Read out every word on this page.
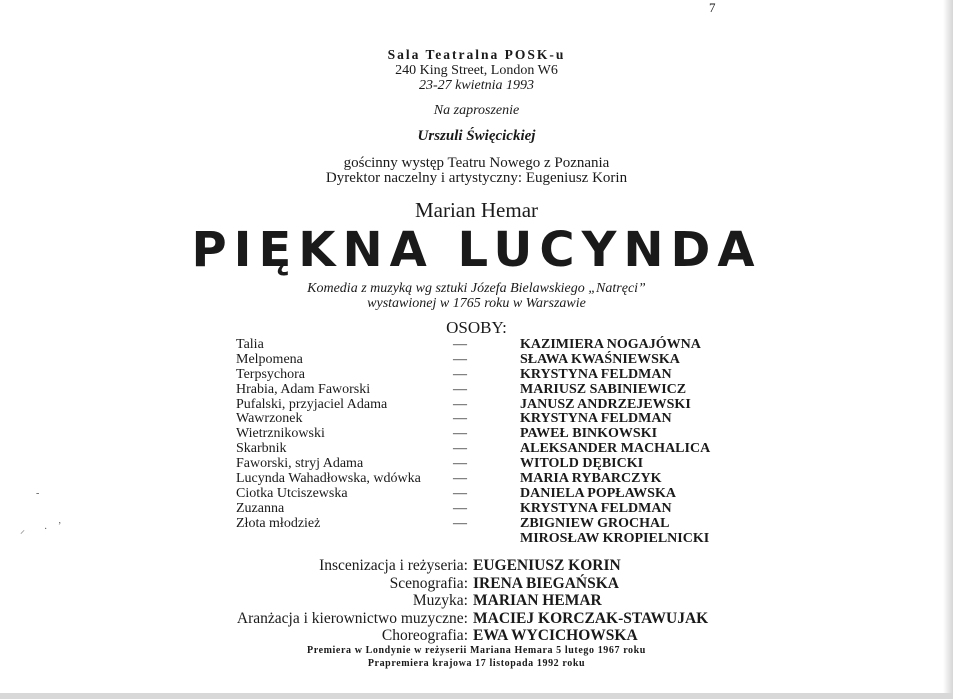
7
Sala Teatralna POSK-u
240 King Street, London W6
23-27 kwietnia 1993
Na zaproszenie
Urszuli Święcickiej
gościnny występ Teatru Nowego z Poznania
Dyrektor naczelny i artystyczny: Eugeniusz Korin
Marian Hemar
PIĘKNA LUCYNDA
Komedia z muzyką wg sztuki Józefa Bielawskiego „Natręci”
wystawionej w 1765 roku w Warszawie
OSOBY:
Talia	—	KAZIMIERA NOGAJÓWNA
Melpomena	—	SŁAWA KWAŚNIEWSKA
Terpsychora	—	KRYSTYNA FELDMAN
Hrabia, Adam Faworski	—	MARIUSZ SABINIEWICZ
Pufalski, przyjaciel Adama	—	JANUSZ ANDRZEJEWSKI
Wawrzonek	—	KRYSTYNA FELDMAN
Wietrznikowski	—	PAWEŁ BINKOWSKI
Skarbnik	—	ALEKSANDER MACHALICA
Faworski, stryj Adama	—	WITOLD DĘBICKI
Lucynda Wahadłowska, wdówka —	MARIA RYBARCZYK
Ciotka Utciszewska	—	DANIELA POPŁAWSKA
Zuzanna	—	KRYSTYNA FELDMAN
Złota młodzież	—	ZBIGNIEW GROCHAL
MIROSŁAW KROPIELNICKI
Inscenizacja i reżyseria: EUGENIUSZ KORIN
Scenografia: IRENA BIEGAŃSKA
Muzyka: MARIAN HEMAR
Aranżacja i kierownictwo muzyczne: MACIEJ KORCZAK-STAWUJAK
Choreografia: EWA WYCICHOWSKA
Premiera w Londynie w reżyserii Mariana Hemara 5 lutego 1967 roku
Prapremiera krajowa 17 listopada 1992 roku
⸝ · ʼ
-
